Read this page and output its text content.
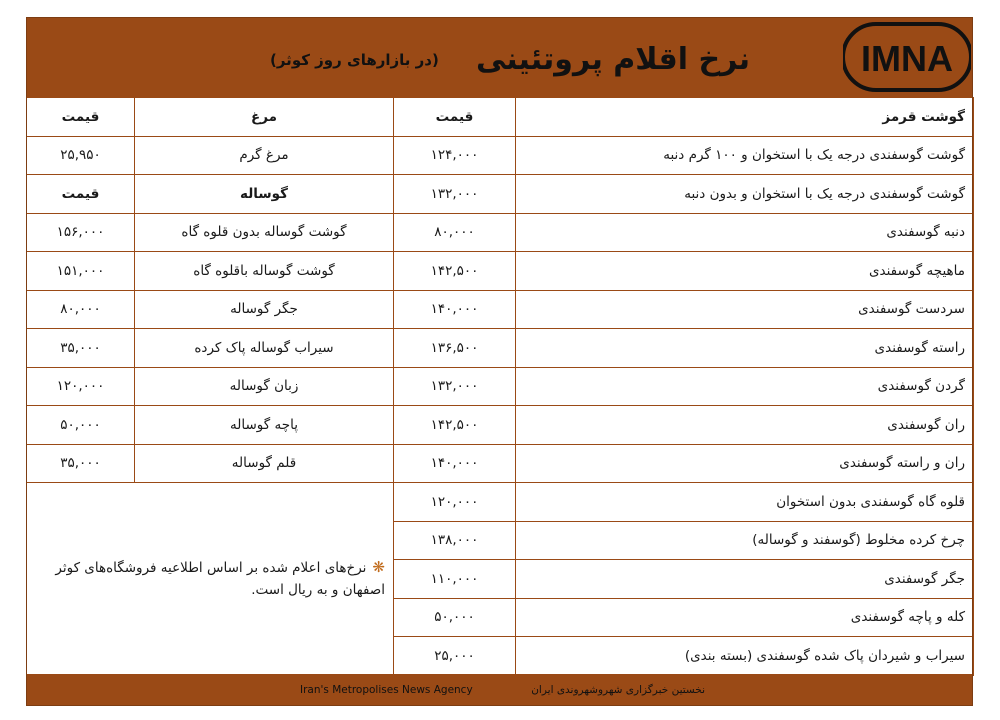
نرخ اقلام پروتئینی
(در بازارهای روز کوثر)	IMNA
قیمت	مرغ	قیمت	گوشت قرمز
۲۵,۹۵۰	مرغ گرم	۱۲۴,۰۰۰	گوشت گوسفندی درجه یک با استخوان و ۱۰۰ گرم دنبه
قیمت	گوساله	۱۳۲,۰۰۰	گوشت گوسفندی درجه یک با استخوان و بدون دنبه
۱۵۶,۰۰۰	گوشت گوساله بدون قلوه گاه	۸۰,۰۰۰	دنبه گوسفندی
۱۵۱,۰۰۰	گوشت گوساله باقلوه گاه	۱۴۲,۵۰۰	ماهیچه گوسفندی
۸۰,۰۰۰	جگر گوساله	۱۴۰,۰۰۰	سردست گوسفندی
۳۵,۰۰۰	سیراب گوساله پاک کرده	۱۳۶,۵۰۰	راسته گوسفندی
۱۲۰,۰۰۰	زبان گوساله	۱۳۲,۰۰۰	گردن گوسفندی
۵۰,۰۰۰	پاچه گوساله	۱۴۲,۵۰۰	ران گوسفندی
۳۵,۰۰۰	قلم گوساله	۱۴۰,۰۰۰	ران و راسته گوسفندی
❋نرخ‌های اعلام شده بر اساس اطلاعیه فروشگاه‌های کوثر اصفهان و به ریال است.		۱۲۰,۰۰۰	قلوه گاه گوسفندی بدون استخوان
		۱۳۸,۰۰۰	چرخ کرده مخلوط (گوسفند و گوساله)
		۱۱۰,۰۰۰	جگر گوسفندی
		۵۰,۰۰۰	کله و پاچه گوسفندی
		۲۵,۰۰۰	سیراب و شیردان پاک شده گوسفندی (بسته بندی)
Iran's Metropolises News Agency	نخستین خبرگزاری شهروشهروندی ایران
